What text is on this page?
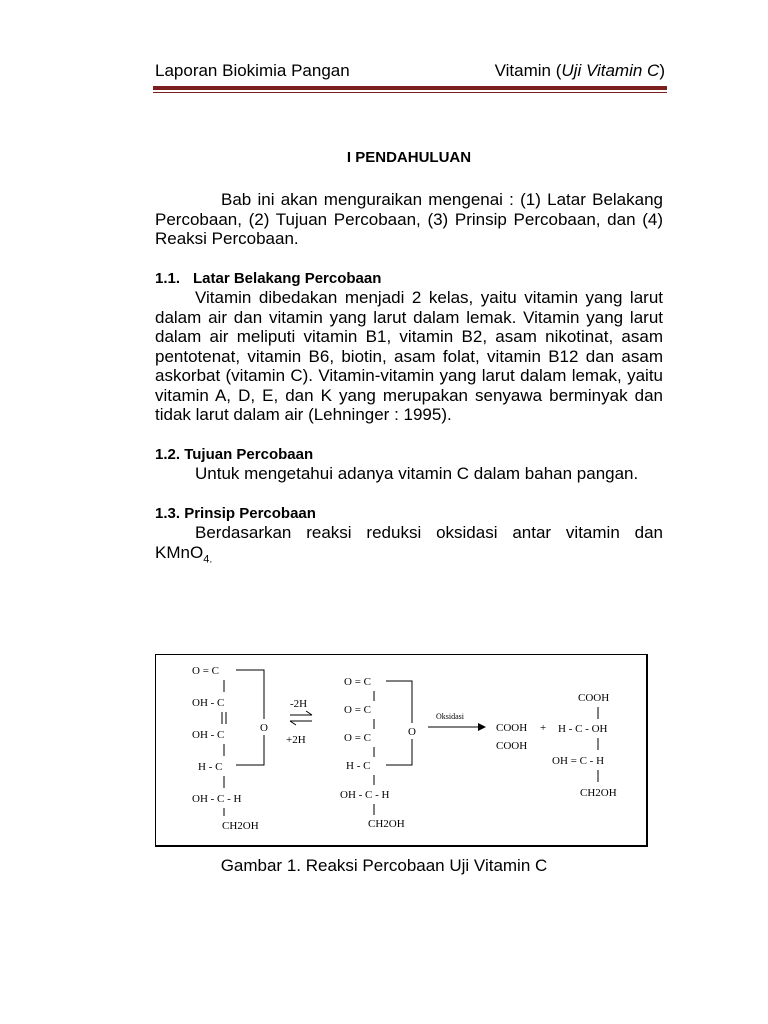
Laporan Biokimia Pangan	Vitamin (Uji Vitamin C)
I PENDAHULUAN

Bab ini akan menguraikan mengenai : (1) Latar Belakang Percobaan, (2) Tujuan Percobaan, (3) Prinsip Percobaan, dan (4) Reaksi Percobaan.

1.1. Latar Belakang Percobaan

Vitamin dibedakan menjadi 2 kelas, yaitu vitamin yang larut dalam air dan vitamin yang larut dalam lemak. Vitamin yang larut dalam air meliputi vitamin B1, vitamin B2, asam nikotinat, asam pentotenat, vitamin B6, biotin, asam folat, vitamin B12 dan asam askorbat (vitamin C). Vitamin-vitamin yang larut dalam lemak, yaitu vitamin A, D, E, dan K yang merupakan senyawa berminyak dan tidak larut dalam air (Lehninger : 1995).

1.2. Tujuan Percobaan

Untuk mengetahui adanya vitamin C dalam bahan pangan.

1.3. Prinsip Percobaan

Berdasarkan reaksi reduksi oksidasi antar vitamin dan KMnO$_{4.}$

O = C
OH - C
OH - C
H - C
OH - C - H
CH2OH
O
-2H
+2H
O = C
O = C
O = C
H - C
OH - C - H
CH2OH
O
Oksidasi
COOH
COOH
+
COOH
H - C - OH
OH = C - H
CH2OH
Gambar 1. Reaksi Percobaan Uji Vitamin C
